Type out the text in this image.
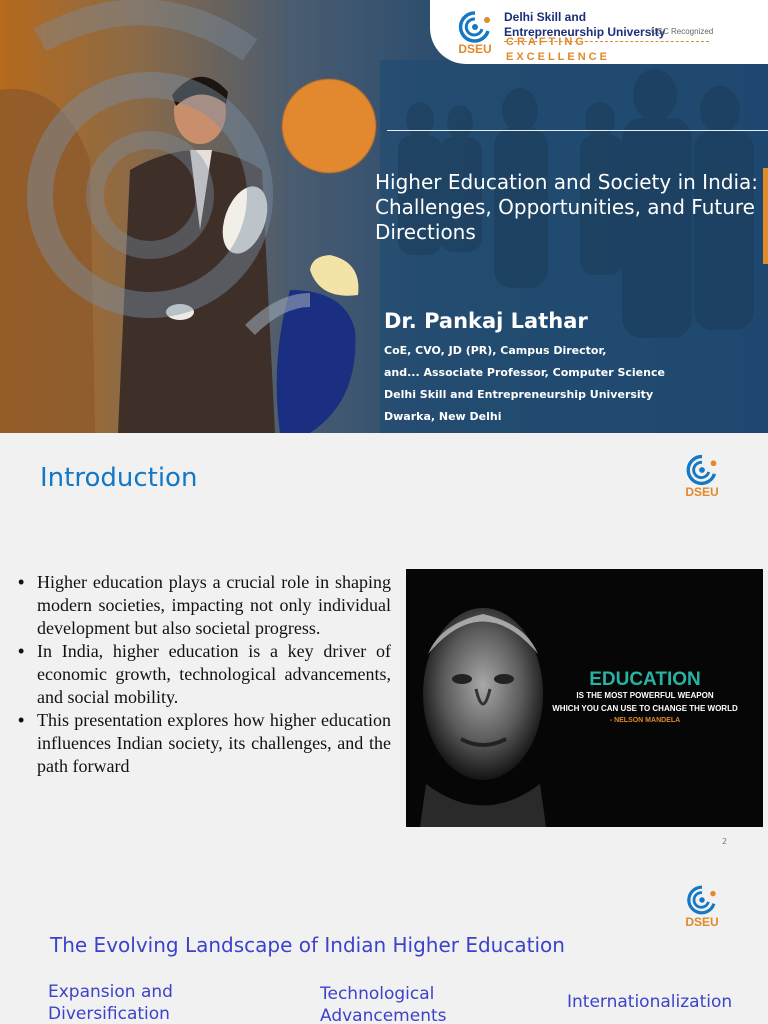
DSEU
Delhi Skill and
Entrepreneurship University
UGC Recognized
CRAFTING
EXCELLENCE
Higher Education and Society in India: Challenges, Opportunities, and Future Directions
Dr. Pankaj Lathar
CoE, CVO, JD (PR), Campus Director,
and... Associate Professor, Computer Science
Delhi Skill and Entrepreneurship University
Dwarka, New Delhi
Introduction	DSEU
• Higher education plays a crucial role in shaping modern societies, impacting not only individual development but also societal progress.
• In India, higher education is a key driver of economic growth, technological advancements, and social mobility.
• This presentation explores how higher education influences Indian society, its challenges, and the path forward
EDUCATION
IS THE MOST POWERFUL WEAPON
WHICH YOU CAN USE TO CHANGE THE WORLD
- NELSON MANDELA
2
DSEU
The Evolving Landscape of Indian Higher Education
Expansion and Diversification
Technological Advancements
Internationalization
